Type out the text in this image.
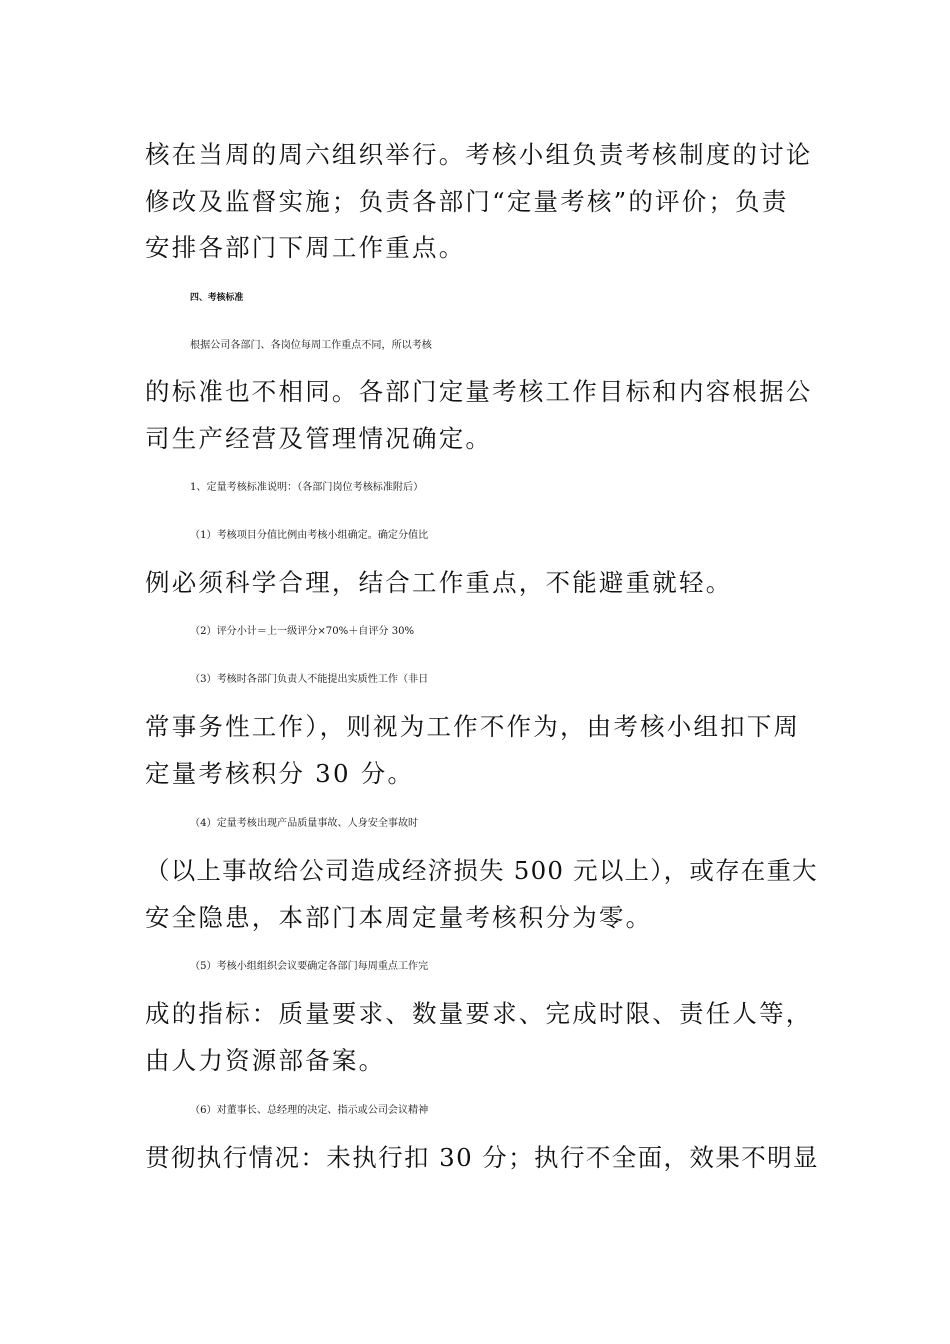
核在当周的周六组织举行。考核小组负责考核制度的讨论

修改及监督实施；负责各部门“定量考核”的评价；负责

安排各部门下周工作重点。

四、考核标准

根据公司各部门、各岗位每周工作重点不同，所以考核

的标准也不相同。各部门定量考核工作目标和内容根据公

司生产经营及管理情况确定。

1、定量考核标准说明：（各部门岗位考核标准附后）

（1）考核项目分值比例由考核小组确定。确定分值比

例必须科学合理，结合工作重点，不能避重就轻。

（2）评分小计＝上一级评分×70%＋自评分 30%

（3）考核时各部门负责人不能提出实质性工作（非日

常事务性工作），则视为工作不作为，由考核小组扣下周

定量考核积分 30 分。

（4）定量考核出现产品质量事故、人身安全事故时

（以上事故给公司造成经济损失 500 元以上），或存在重大

安全隐患，本部门本周定量考核积分为零。

（5）考核小组组织会议要确定各部门每周重点工作完

成的指标：质量要求、数量要求、完成时限、责任人等，

由人力资源部备案。

（6）对董事长、总经理的决定、指示或公司会议精神

贯彻执行情况：未执行扣 30 分；执行不全面，效果不明显
